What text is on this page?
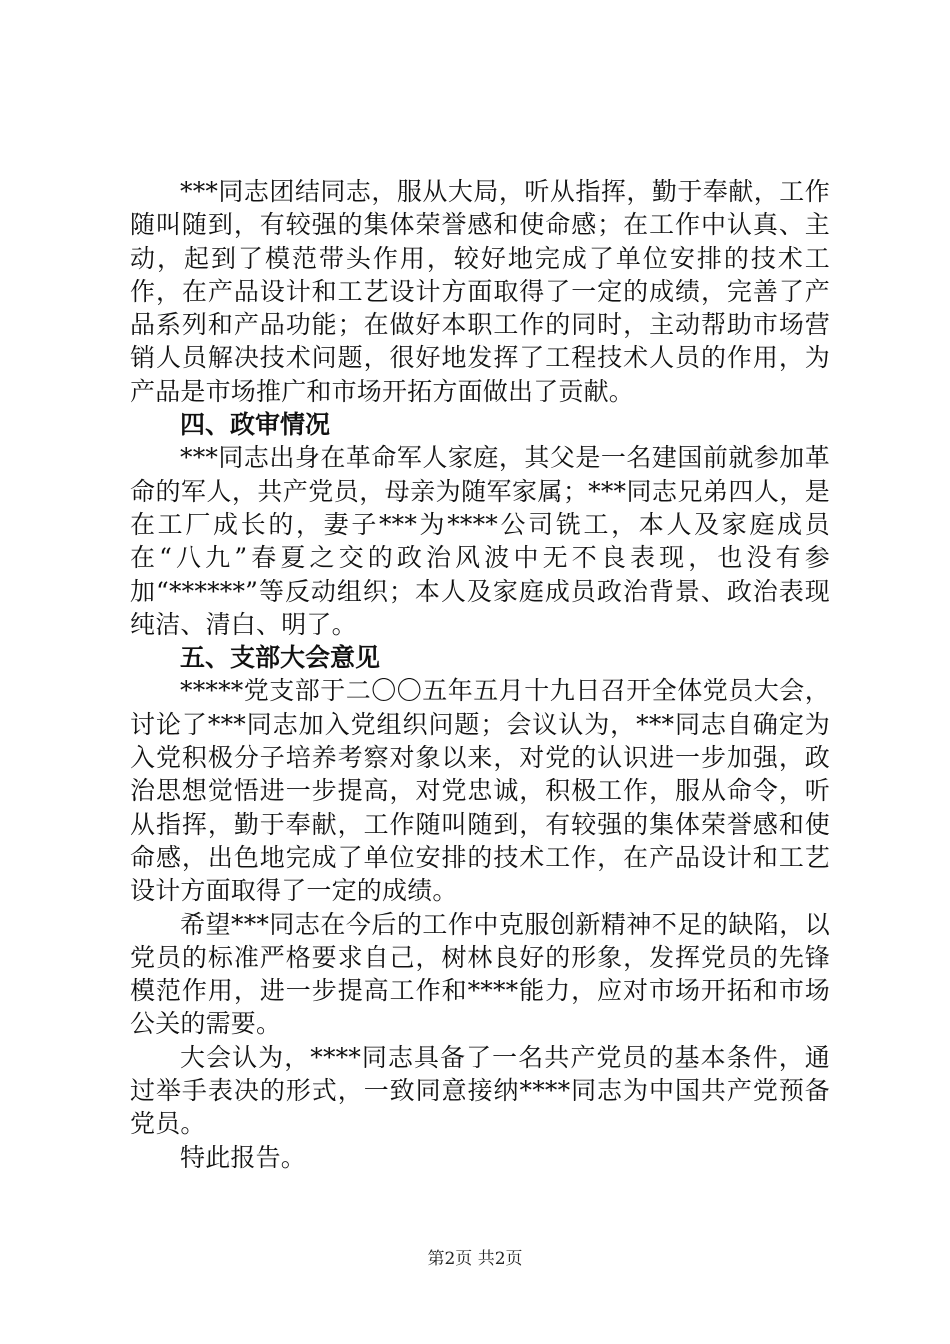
***同志团结同志，服从大局，听从指挥，勤于奉献，工作随叫随到，有较强的集体荣誉感和使命感；在工作中认真、主动，起到了模范带头作用，较好地完成了单位安排的技术工作，在产品设计和工艺设计方面取得了一定的成绩，完善了产品系列和产品功能；在做好本职工作的同时，主动帮助市场营销人员解决技术问题，很好地发挥了工程技术人员的作用，为产品是市场推广和市场开拓方面做出了贡献。

四、政审情况

***同志出身在革命军人家庭，其父是一名建国前就参加革命的军人，共产党员，母亲为随军家属；***同志兄弟四人，是在工厂成长的，妻子***为****公司铣工，本人及家庭成员在“八九”春夏之交的政治风波中无不良表现，也没有参加“******”等反动组织；本人及家庭成员政治背景、政治表现纯洁、清白、明了。

五、支部大会意见

*****党支部于二〇〇五年五月十九日召开全体党员大会，讨论了***同志加入党组织问题；会议认为，***同志自确定为入党积极分子培养考察对象以来，对党的认识进一步加强，政治思想觉悟进一步提高，对党忠诚，积极工作，服从命令，听从指挥，勤于奉献，工作随叫随到，有较强的集体荣誉感和使命感，出色地完成了单位安排的技术工作，在产品设计和工艺设计方面取得了一定的成绩。

希望***同志在今后的工作中克服创新精神不足的缺陷，以党员的标准严格要求自己，树林良好的形象，发挥党员的先锋模范作用，进一步提高工作和****能力，应对市场开拓和市场公关的需要。

大会认为，****同志具备了一名共产党员的基本条件，通过举手表决的形式，一致同意接纳****同志为中国共产党预备党员。

特此报告。

第2页 共2页
